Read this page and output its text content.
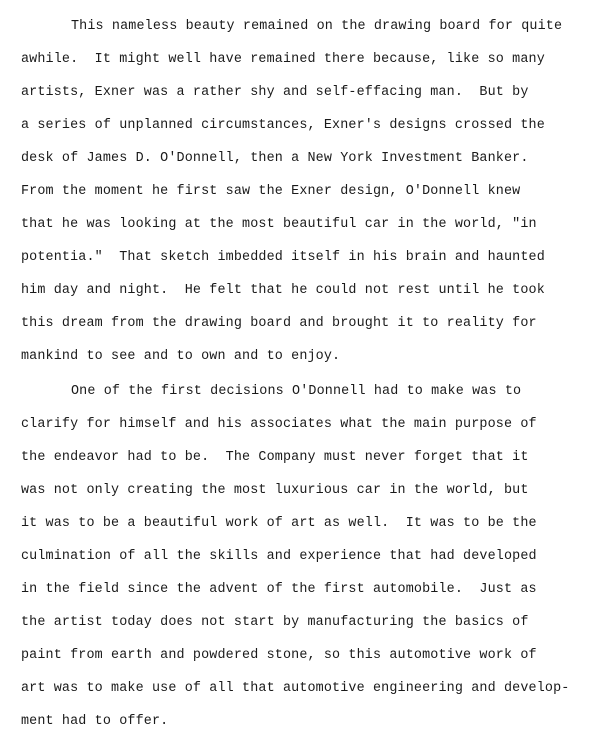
This nameless beauty remained on the drawing board for quite
awhile.  It might well have remained there because, like so many
artists, Exner was a rather shy and self-effacing man.  But by
a series of unplanned circumstances, Exner's designs crossed the
desk of James D. O'Donnell, then a New York Investment Banker.
From the moment he first saw the Exner design, O'Donnell knew
that he was looking at the most beautiful car in the world, "in
potentia."  That sketch imbedded itself in his brain and haunted
him day and night.  He felt that he could not rest until he took
this dream from the drawing board and brought it to reality for
mankind to see and to own and to enjoy.
One of the first decisions O'Donnell had to make was to
clarify for himself and his associates what the main purpose of
the endeavor had to be.  The Company must never forget that it
was not only creating the most luxurious car in the world, but
it was to be a beautiful work of art as well.  It was to be the
culmination of all the skills and experience that had developed
in the field since the advent of the first automobile.  Just as
the artist today does not start by manufacturing the basics of
paint from earth and powdered stone, so this automotive work of
art was to make use of all that automotive engineering and develop-
ment had to offer.
